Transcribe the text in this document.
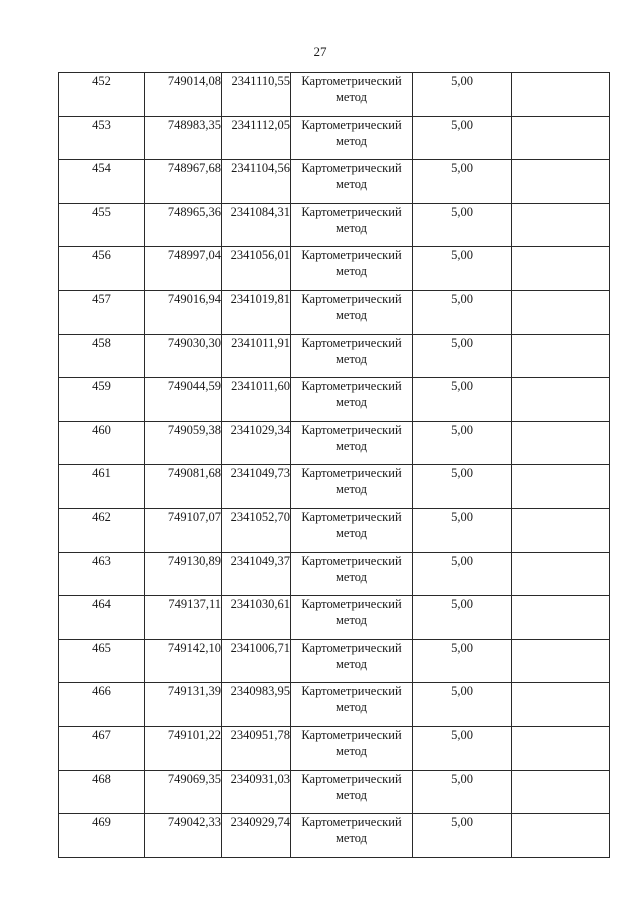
27
452	749014,08	2341110,55	Картометрический
метод	5,00	
453	748983,35	2341112,05	Картометрический
метод	5,00	
454	748967,68	2341104,56	Картометрический
метод	5,00	
455	748965,36	2341084,31	Картометрический
метод	5,00	
456	748997,04	2341056,01	Картометрический
метод	5,00	
457	749016,94	2341019,81	Картометрический
метод	5,00	
458	749030,30	2341011,91	Картометрический
метод	5,00	
459	749044,59	2341011,60	Картометрический
метод	5,00	
460	749059,38	2341029,34	Картометрический
метод	5,00	
461	749081,68	2341049,73	Картометрический
метод	5,00	
462	749107,07	2341052,70	Картометрический
метод	5,00	
463	749130,89	2341049,37	Картометрический
метод	5,00	
464	749137,11	2341030,61	Картометрический
метод	5,00	
465	749142,10	2341006,71	Картометрический
метод	5,00	
466	749131,39	2340983,95	Картометрический
метод	5,00	
467	749101,22	2340951,78	Картометрический
метод	5,00	
468	749069,35	2340931,03	Картометрический
метод	5,00	
469	749042,33	2340929,74	Картометрический
метод	5,00	
